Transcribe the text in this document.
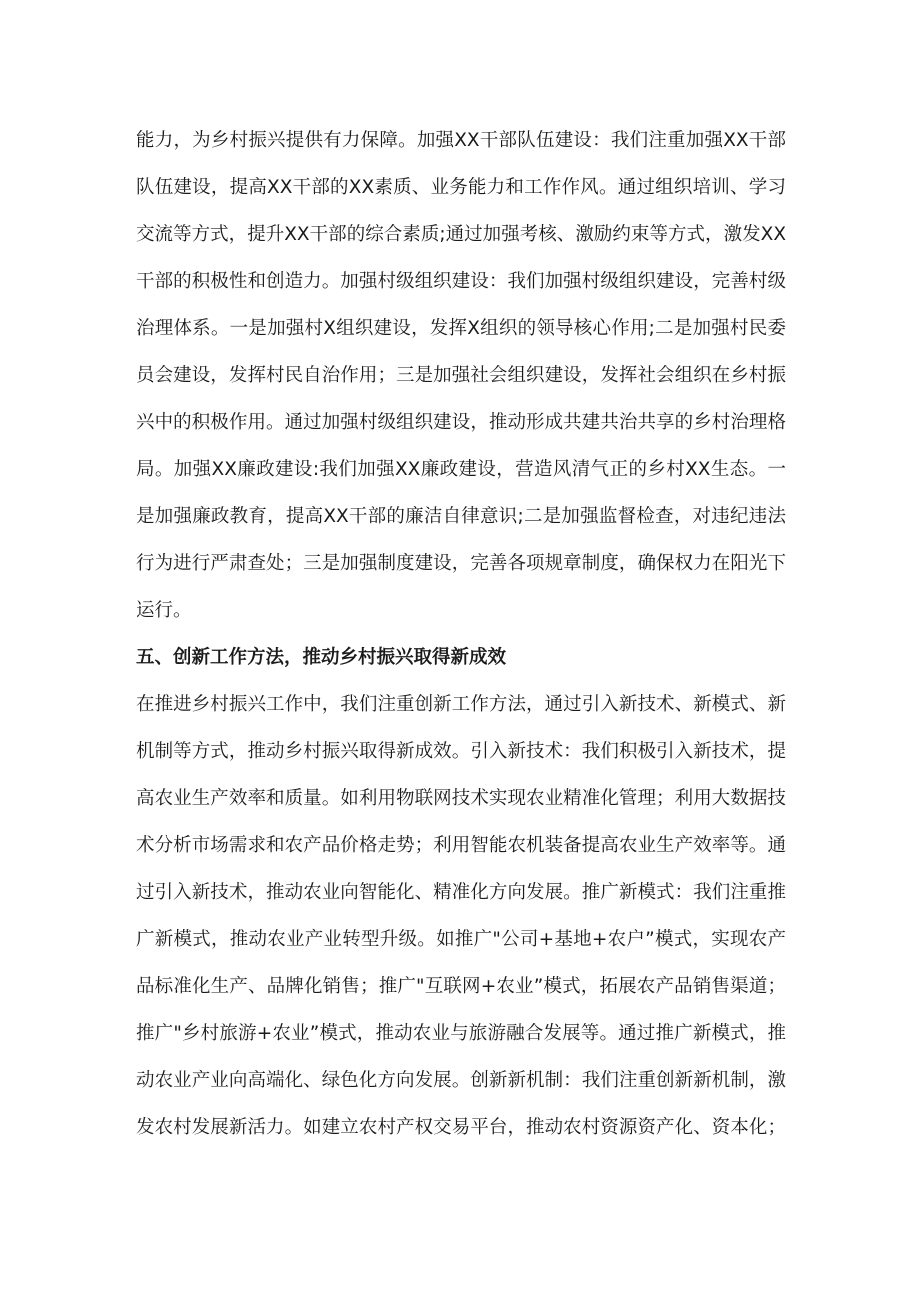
能力，为乡村振兴提供有力保障。加强XX干部队伍建设：我们注重加强XX干部
队伍建设，提高XX干部的XX素质、业务能力和工作作风。通过组织培训、学习
交流等方式，提升XX干部的综合素质;通过加强考核、激励约束等方式，激发XX
干部的积极性和创造力。加强村级组织建设：我们加强村级组织建设，完善村级
治理体系。一是加强村X组织建设，发挥X组织的领导核心作用;二是加强村民委
员会建设，发挥村民自治作用；三是加强社会组织建设，发挥社会组织在乡村振
兴中的积极作用。通过加强村级组织建设，推动形成共建共治共享的乡村治理格
局。加强XX廉政建设:我们加强XX廉政建设，营造风清气正的乡村XX生态。一
是加强廉政教育，提高XX干部的廉洁自律意识;二是加强监督检查，对违纪违法
行为进行严肃查处；三是加强制度建设，完善各项规章制度，确保权力在阳光下
运行。
五、创新工作方法，推动乡村振兴取得新成效
在推进乡村振兴工作中，我们注重创新工作方法，通过引入新技术、新模式、新
机制等方式，推动乡村振兴取得新成效。引入新技术：我们积极引入新技术，提
高农业生产效率和质量。如利用物联网技术实现农业精准化管理；利用大数据技
术分析市场需求和农产品价格走势；利用智能农机装备提高农业生产效率等。通
过引入新技术，推动农业向智能化、精准化方向发展。推广新模式：我们注重推
广新模式，推动农业产业转型升级。如推广"公司+基地+农户”模式，实现农产
品标准化生产、品牌化销售；推广"互联网+农业”模式，拓展农产品销售渠道；
推广"乡村旅游+农业”模式，推动农业与旅游融合发展等。通过推广新模式，推
动农业产业向高端化、绿色化方向发展。创新新机制：我们注重创新新机制，激
发农村发展新活力。如建立农村产权交易平台，推动农村资源资产化、资本化；
